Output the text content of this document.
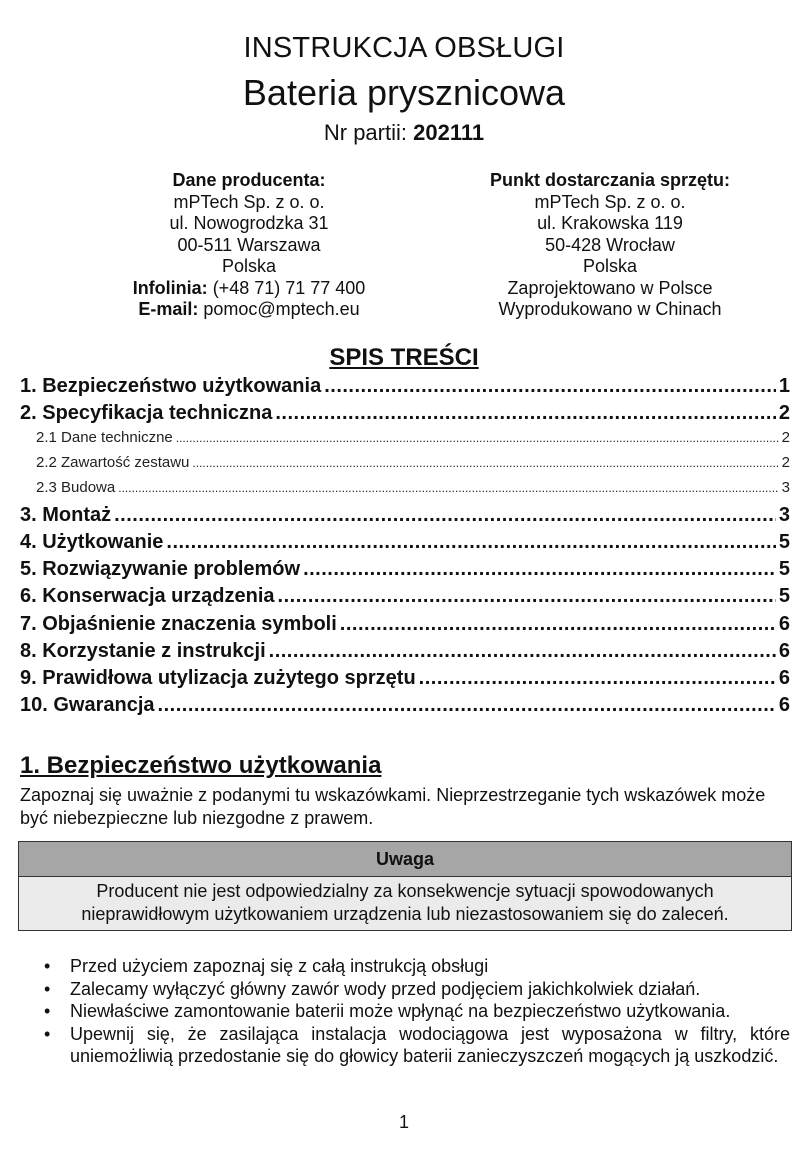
INSTRUKCJA OBSŁUGI
Bateria prysznicowa
Nr partii: 202111
Dane producenta:
mPTech Sp. z o. o.
ul. Nowogrodzka 31
00-511 Warszawa
Polska
Infolinia: (+48 71) 71 77 400
E-mail: pomoc@mptech.eu
Punkt dostarczania sprzętu:
mPTech Sp. z o. o.
ul. Krakowska 119
50-428 Wrocław
Polska
Zaprojektowano w Polsce
Wyprodukowano w Chinach
SPIS TREŚCI
1. Bezpieczeństwo użytkowania .....	1
2. Specyfikacja techniczna .....	2
2.1 Dane techniczne .....	2
2.2 Zawartość zestawu .....	2
2.3 Budowa .....	3
3. Montaż .....	3
4. Użytkowanie .....	5
5. Rozwiązywanie problemów .....	5
6. Konserwacja urządzenia .....	5
7. Objaśnienie znaczenia symboli .....	6
8. Korzystanie z instrukcji .....	6
9. Prawidłowa utylizacja zużytego sprzętu .....	6
10. Gwarancja .....	6
1. Bezpieczeństwo użytkowania
Zapoznaj się uważnie z podanymi tu wskazówkami. Nieprzestrzeganie tych wskazówek może być niebezpieczne lub niezgodne z prawem.
Uwaga
Producent nie jest odpowiedzialny za konsekwencje sytuacji spowodowanych
nieprawidłowym użytkowaniem urządzenia lub niezastosowaniem się do zaleceń.
• Przed użyciem zapoznaj się z całą instrukcją obsługi
• Zalecamy wyłączyć główny zawór wody przed podjęciem jakichkolwiek działań.
• Niewłaściwe zamontowanie baterii może wpłynąć na bezpieczeństwo użytkowania.
• Upewnij się, że zasilająca instalacja wodociągowa jest wyposażona w filtry, które uniemożliwią przedostanie się do głowicy baterii zanieczyszczeń mogących ją uszkodzić.
1
